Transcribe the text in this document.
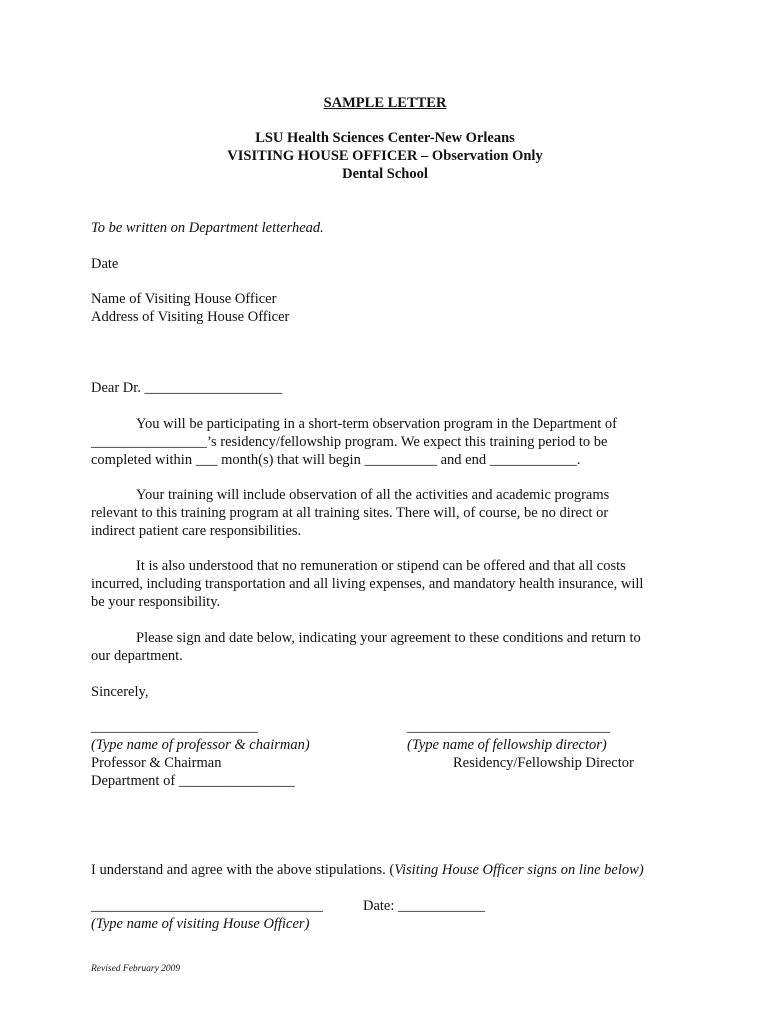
SAMPLE LETTER
LSU Health Sciences Center-New Orleans
VISITING HOUSE OFFICER – Observation Only
Dental School
To be written on Department letterhead.
Date
Name of Visiting House Officer
Address of Visiting House Officer
Dear Dr. ___________________
You will be participating in a short-term observation program in the Department of
________________’s residency/fellowship program. We expect this training period to be
completed within ___ month(s) that will begin __________ and end ____________.
Your training will include observation of all the activities and academic programs
relevant to this training program at all training sites. There will, of course, be no direct or
indirect patient care responsibilities.
It is also understood that no remuneration or stipend can be offered and that all costs
incurred, including transportation and all living expenses, and mandatory health insurance, will
be your responsibility.
Please sign and date below, indicating your agreement to these conditions and return to
our department.
Sincerely,
_______________________	____________________________
(Type name of professor & chairman)	(Type name of fellowship director)
Professor & Chairman	Residency/Fellowship Director
Department of ________________
I understand and agree with the above stipulations. (Visiting House Officer signs on line below)
________________________________	Date: ____________
(Type name of visiting House Officer)
Revised February 2009
